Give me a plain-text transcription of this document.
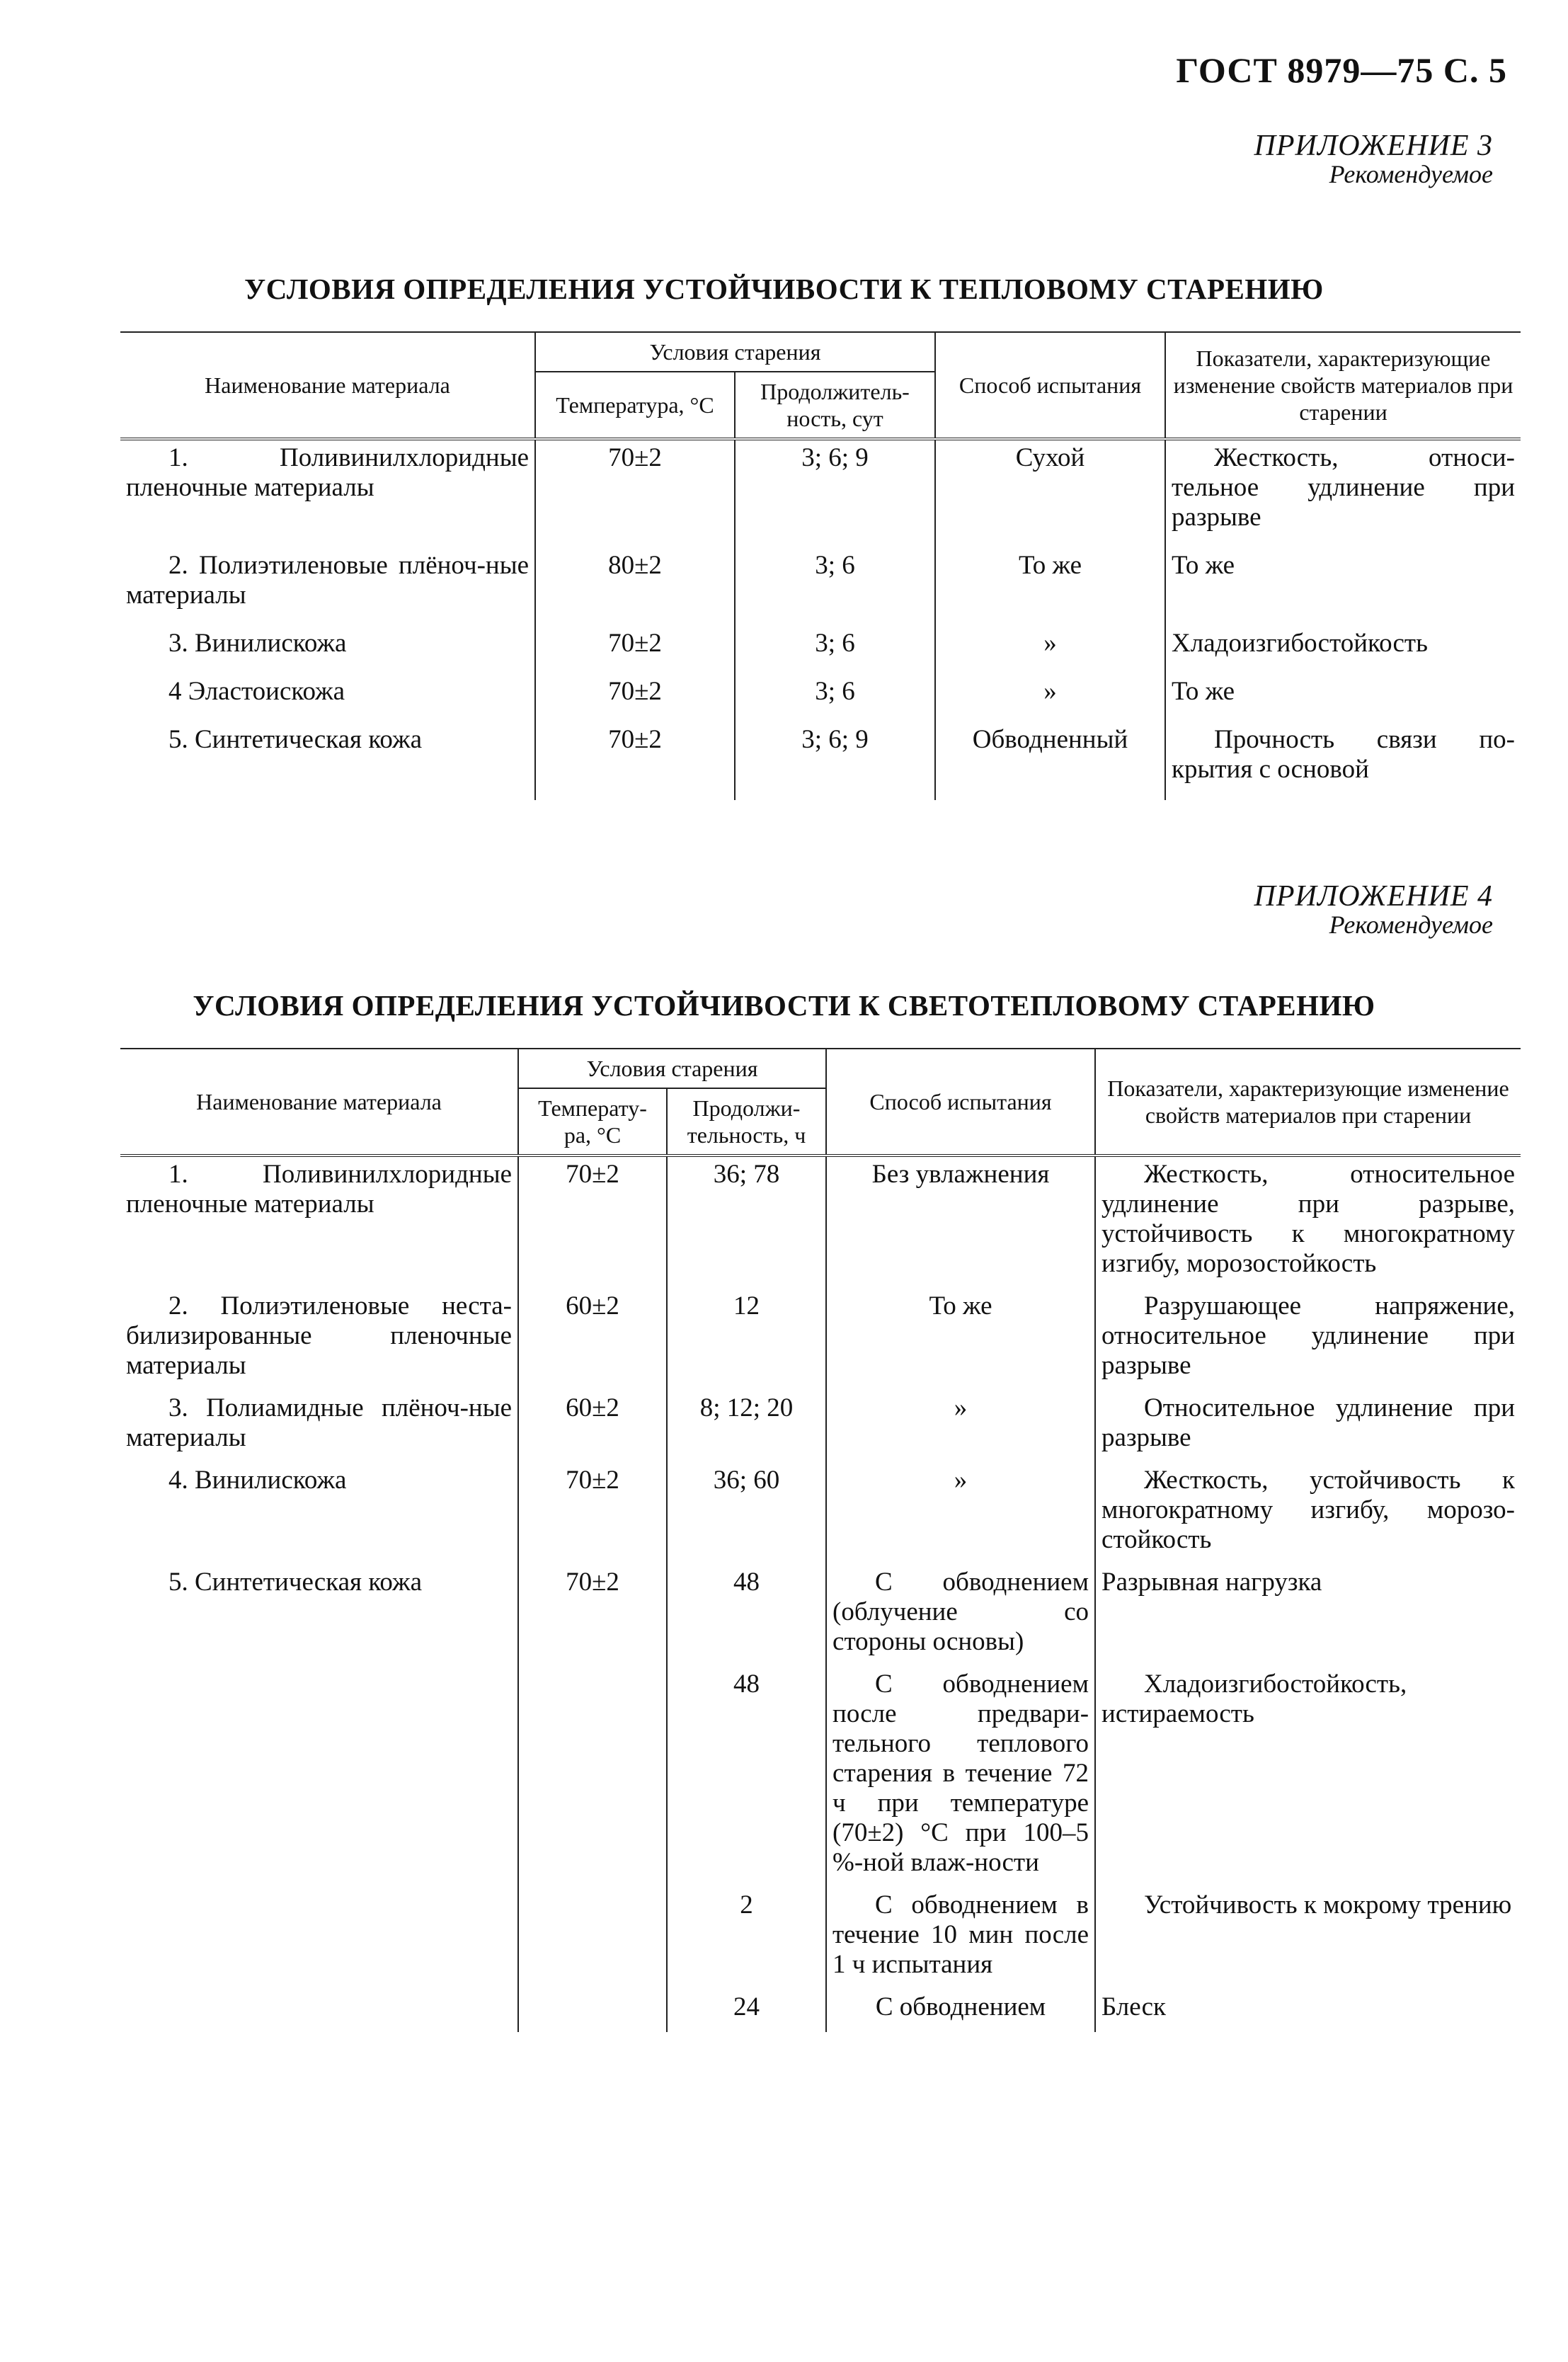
ГОСТ 8979—75 С. 5
ПРИЛОЖЕНИЕ 3
Рекомендуемое
УСЛОВИЯ ОПРЕДЕЛЕНИЯ УСТОЙЧИВОСТИ К ТЕПЛОВОМУ СТАРЕНИЮ
Наименование материала	Условия старения		Способ испытания	Показатели, характеризующие изменение свойств материалов при старении
	Температура, °С	Продолжитель-ность, сут		
1. Поливинилхлоридные пленочные материалы	70±2	3; 6; 9	Сухой	Жесткость, относи-тельное удлинение при разрыве
2. Полиэтиленовые плёноч-ные материалы	80±2	3; 6	То же	То же
3. Винилискожа	70±2	3; 6	»	Хладоизгибостойкость
4 Эластоискожа	70±2	3; 6	»	То же
5. Синтетическая кожа	70±2	3; 6; 9	Обводненный	Прочность связи по-крытия с основой
ПРИЛОЖЕНИЕ 4
Рекомендуемое
УСЛОВИЯ ОПРЕДЕЛЕНИЯ УСТОЙЧИВОСТИ К СВЕТОТЕПЛОВОМУ СТАРЕНИЮ
Наименование материала	Условия старения		Способ испытания	Показатели, характеризующие изменение свойств материалов при старении
	Температу-ра, °С	Продолжи-тельность, ч		
1. Поливинилхлоридные пленочные материалы	70±2	36; 78	Без увлажнения	Жесткость, относительное удлинение при разрыве, устойчивость к многократному изгибу, морозостойкость
2. Полиэтиленовые неста-билизированные пленочные материалы	60±2	12	То же	Разрушающее напряжение, относительное удлинение при разрыве
3. Полиамидные плёноч-ные материалы	60±2	8; 12; 20	»	Относительное удлинение при разрыве
4. Винилискожа	70±2	36; 60	»	Жесткость, устойчивость к многократному изгибу, морозо-стойкость
5. Синтетическая кожа	70±2	48	С обводнением (облучение со стороны основы)	Разрывная нагрузка
		48	С обводнением после предвари-тельного теплового старения в течение 72 ч при температуре (70±2) °С при 100–5 %-ной влаж-ности	Хладоизгибостойкость, истираемость
		2	С обводнением в течение 10 мин после 1 ч испытания	Устойчивость к мокрому трению
		24	С обводнением	Блеск
